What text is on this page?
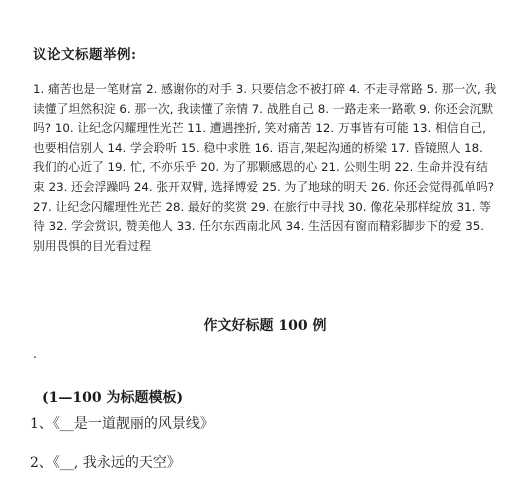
议论文标题举例:
1. 痛苦也是一笔财富 2. 感谢你的对手 3. 只要信念不被打碎 4. 不走寻常路 5. 那一次, 我读懂了坦然积淀 6. 那一次, 我读懂了亲情 7. 战胜自己 8. 一路走来一路歌 9. 你还会沉默吗? 10. 让纪念闪耀理性光芒 11. 遭遇挫折, 笑对痛苦 12. 万事皆有可能 13. 相信自己, 也要相信别人 14. 学会聆听 15. 稳中求胜 16. 语言,架起沟通的桥梁 17. 昏镜照人 18. 我们的心近了 19. 忙, 不亦乐乎 20. 为了那颗感恩的心 21. 公则生明 22. 生命并没有结束 23. 还会浮躁吗 24. 张开双臂, 选择博爱 25. 为了地球的明天 26. 你还会觉得孤单吗? 27. 让纪念闪耀理性光芒 28. 最好的奖赏 29. 在旅行中寻找 30. 像花朵那样绽放 31. 等待 32. 学会赏识, 赞美他人 33. 任尔东西南北风 34. 生活因有窗而精彩脚步下的爱 35. 别用畏惧的目光看过程
作文好标题 100 例
.
(1—100 为标题模板)
1、《__是一道靓丽的风景线》
2、《__, 我永远的天空》
